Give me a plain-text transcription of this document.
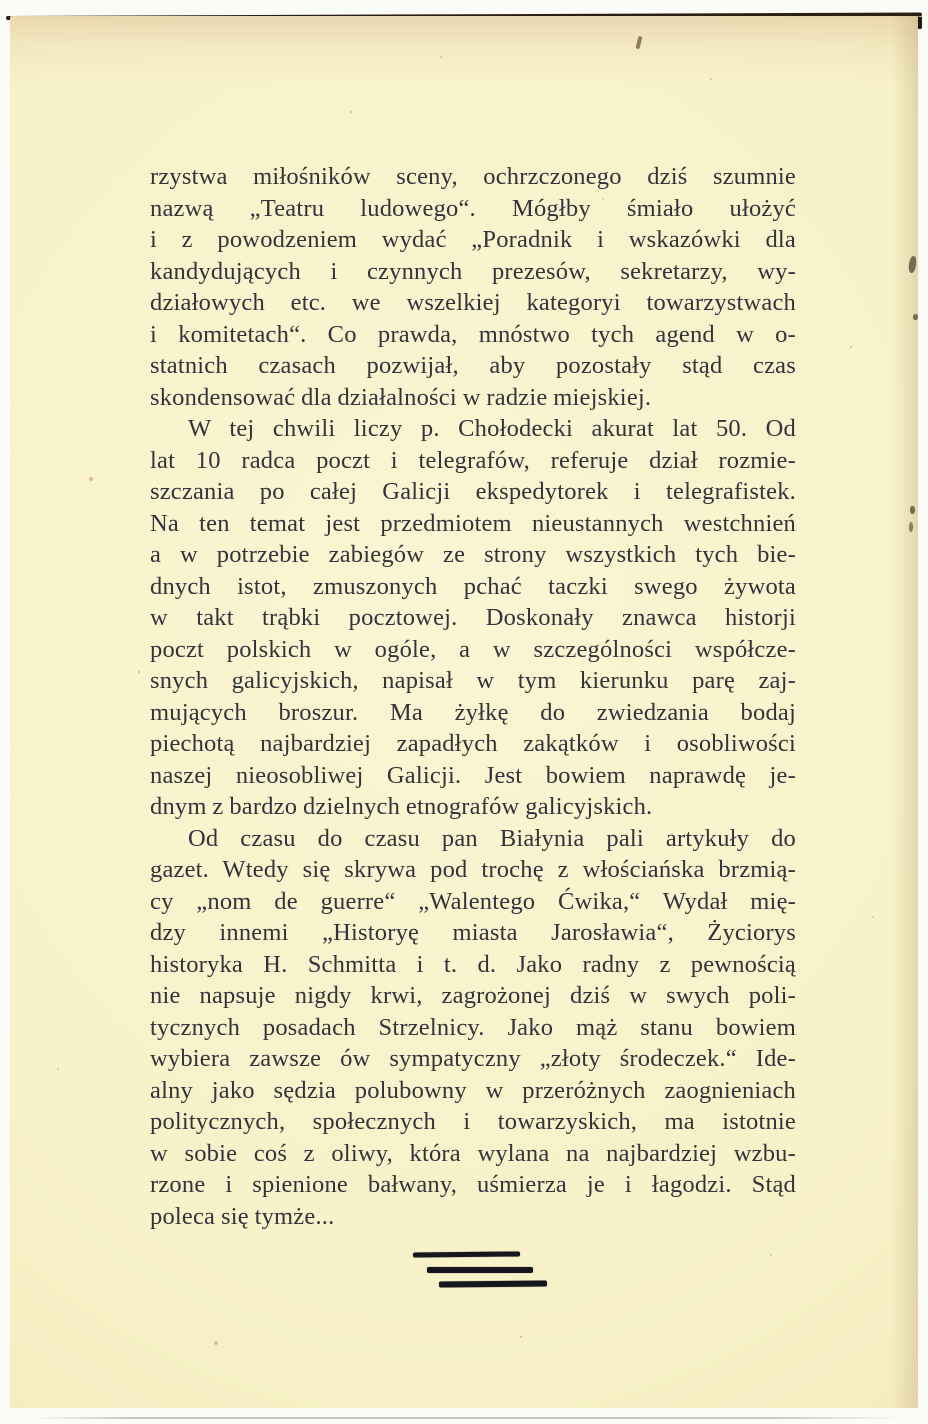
rzystwa miłośników sceny, ochrzczonego dziś szumnie
nazwą „Teatru ludowego“. Mógłby śmiało ułożyć
i z powodzeniem wydać „Poradnik i wskazówki dla
kandydujących i czynnych prezesów, sekretarzy, wy-
działowych etc. we wszelkiej kategoryi towarzystwach
i komitetach“. Co prawda, mnóstwo tych agend w o-
statnich czasach pozwijał, aby pozostały stąd czas
skondensować dla działalności w radzie miejskiej.
W tej chwili liczy p. Chołodecki akurat lat 50. Od
lat 10 radca poczt i telegrafów, referuje dział rozmie-
szczania po całej Galicji ekspedytorek i telegrafistek.
Na ten temat jest przedmiotem nieustannych westchnień
a w potrzebie zabiegów ze strony wszystkich tych bie-
dnych istot, zmuszonych pchać taczki swego żywota
w takt trąbki pocztowej. Doskonały znawca historji
poczt polskich w ogóle, a w szczególności współcze-
snych galicyjskich, napisał w tym kierunku parę zaj-
mujących broszur. Ma żyłkę do zwiedzania bodaj
piechotą najbardziej zapadłych zakątków i osobliwości
naszej nieosobliwej Galicji. Jest bowiem naprawdę je-
dnym z bardzo dzielnych etnografów galicyjskich.
Od czasu do czasu pan Białynia pali artykuły do
gazet. Wtedy się skrywa pod trochę z włościańska brzmią-
cy „nom de guerre“ „Walentego Ćwika,“ Wydał mię-
dzy innemi „Historyę miasta Jarosławia“, Życiorys
historyka H. Schmitta i t. d. Jako radny z pewnością
nie napsuje nigdy krwi, zagrożonej dziś w swych poli-
tycznych posadach Strzelnicy. Jako mąż stanu bowiem
wybiera zawsze ów sympatyczny „złoty środeczek.“ Ide-
alny jako sędzia polubowny w przeróżnych zaognieniach
politycznych, społecznych i towarzyskich, ma istotnie
w sobie coś z oliwy, która wylana na najbardziej wzbu-
rzone i spienione bałwany, uśmierza je i łagodzi. Stąd
poleca się tymże...
